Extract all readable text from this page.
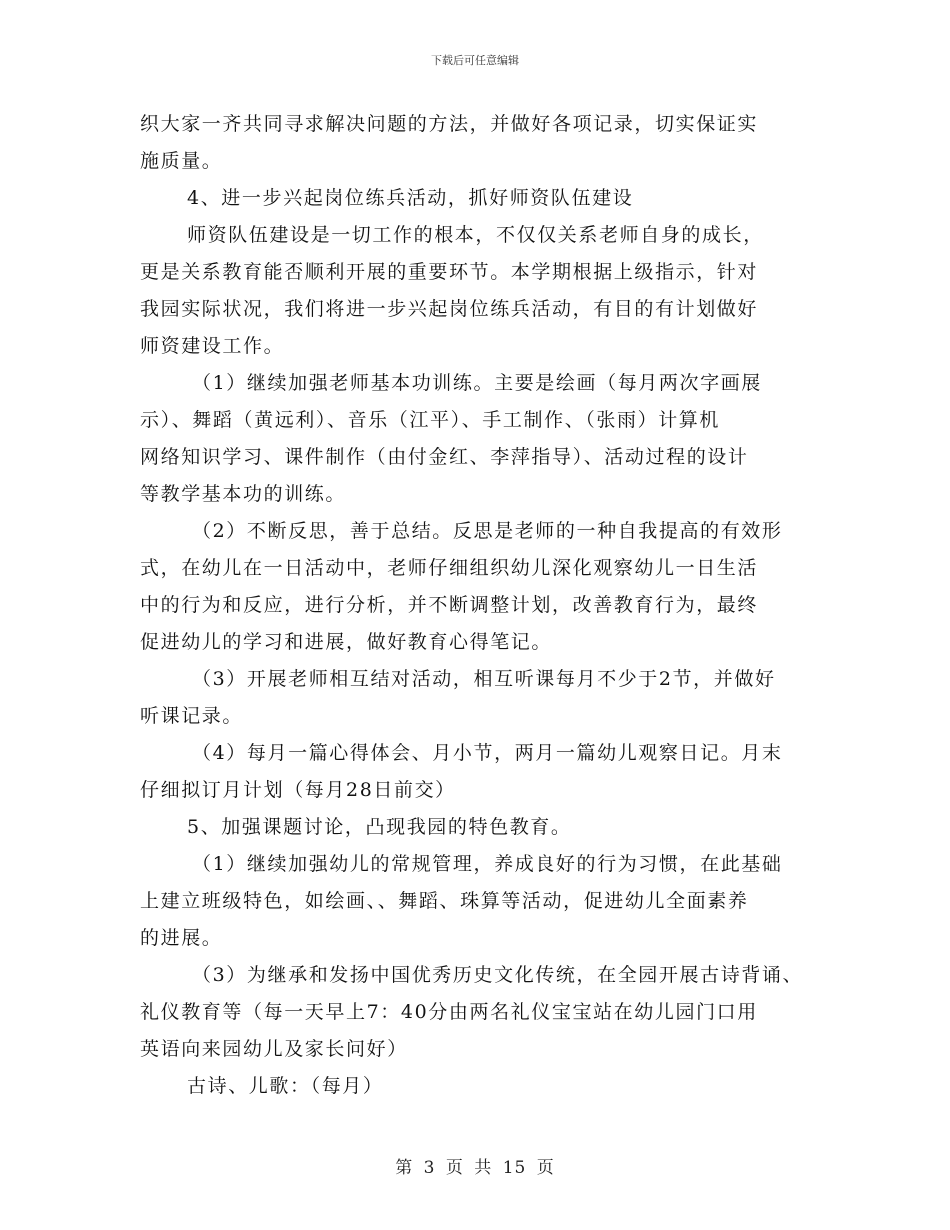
下载后可任意编辑
织大家一齐共同寻求解决问题的方法，并做好各项记录，切实保证实
施质量。
4、进一步兴起岗位练兵活动，抓好师资队伍建设
师资队伍建设是一切工作的根本，不仅仅关系老师自身的成长，
更是关系教育能否顺利开展的重要环节。本学期根据上级指示，针对
我园实际状况，我们将进一步兴起岗位练兵活动，有目的有计划做好
师资建设工作。
（1）继续加强老师基本功训练。主要是绘画（每月两次字画展
示）、舞蹈（黄远利）、音乐（江平）、手工制作、（张雨）计算机
网络知识学习、课件制作（由付金红、李萍指导）、活动过程的设计
等教学基本功的训练。
（2）不断反思，善于总结。反思是老师的一种自我提高的有效形
式，在幼儿在一日活动中，老师仔细组织幼儿深化观察幼儿一日生活
中的行为和反应，进行分析，并不断调整计划，改善教育行为，最终
促进幼儿的学习和进展，做好教育心得笔记。
（3）开展老师相互结对活动，相互听课每月不少于2节，并做好
听课记录。
（4）每月一篇心得体会、月小节，两月一篇幼儿观察日记。月末
仔细拟订月计划（每月28日前交）
5、加强课题讨论，凸现我园的特色教育。
（1）继续加强幼儿的常规管理，养成良好的行为习惯，在此基础
上建立班级特色，如绘画、、舞蹈、珠算等活动，促进幼儿全面素养
的进展。
（3）为继承和发扬中国优秀历史文化传统，在全园开展古诗背诵、
礼仪教育等（每一天早上7：40分由两名礼仪宝宝站在幼儿园门口用
英语向来园幼儿及家长问好）
古诗、儿歌：（每月）
第 3 页 共 15 页
